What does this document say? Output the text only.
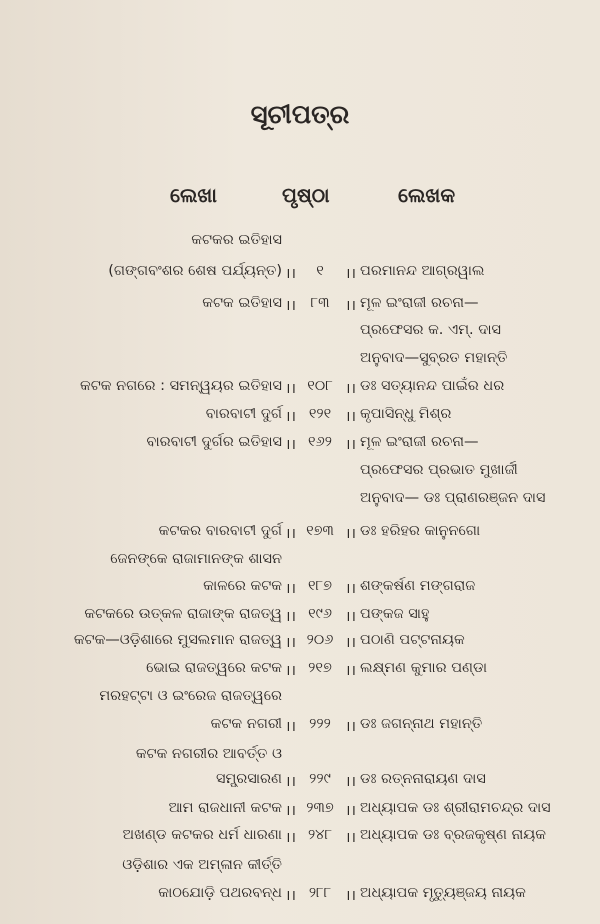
ସୂଚୀପତ୍ର
ଲେଖା	ପୃଷ୍ଠା	ଲେଖକ
କଟକର ଇତିହାସ
(ଗଙ୍ଗବଂଶର ଶେଷ ପର୍ଯ୍ୟନ୍ତ) ।।	୧	।। ପରମାନନ୍ଦ ଆଗ୍ରୱାଲ
କଟକ ଇତିହାସ ।।	୮୩	।। ମୂଳ ଇଂରାଜୀ ରଚନା—
ପ୍ରଫେସର କ. ଏମ୍. ଦାସ
ଅନୁବାଦ—ସୁବ୍ରତ ମହାନ୍ତି
କଟକ ନଗରେ : ସମନ୍ୱୟର ଇତିହାସ ।। ୧୦୮ ।। ଡଃ ସତ୍ୟାନନ୍ଦ ପାଇଁର ଧର
ବାରବାଟୀ ଦୁର୍ଗ ।। ୧୨୧ ।। କୃପାସିନ୍ଧୁ ମିଶ୍ର
ବାରବାଟୀ ଦୁର୍ଗର ଇତିହାସ ।। ୧୬୨ ।। ମୂଳ ଇଂରାଜୀ ରଚନା—
ପ୍ରଫେସର ପ୍ରଭାତ ମୁଖାର୍ଜୀ
ଅନୁବାଦ— ଡଃ ପ୍ରାଣରଞ୍ଜନ ଦାସ
କଟକର ବାରବାଟୀ ଦୁର୍ଗ ।। ୧୭୩ ।। ଡଃ ହରିହର କାନୁନଗୋ
ଜେନଙ୍କେ ରାଜାମାନଙ୍କ ଶାସନ
କାଳରେ କଟକ ।। ୧୮୭ ।। ଶଙ୍କର୍ଷଣ ମଙ୍ଗରାଜ
କଟକରେ ଉତ୍କଳ ରାଜାଙ୍କ ରାଜତ୍ୱ ।। ୧୯୬ ।। ପଙ୍କଜ ସାହୁ
କଟକ—ଓଡ଼ିଶାରେ ମୁସଲମାନ ରାଜତ୍ୱ ।। ୨୦୬ ।। ପଠାଣି ପଟ୍ଟନାୟକ
ଭୋଇ ରାଜତ୍ୱରେ କଟକ ।। ୨୧୭ ।। ଲକ୍ଷ୍ମଣ କୁମାର ପଣ୍ଡା
ମରହଟ୍ଟା ଓ ଇଂରେଜ ରାଜତ୍ୱରେ
କଟକ ନଗରୀ ।। ୨୨୨ ।। ଡଃ ଜଗନ୍ନାଥ ମହାନ୍ତି
କଟକ ନଗରୀର ଆବର୍ତ୍ତ ଓ
ସମ୍ପ୍ରସାରଣ ।। ୨୨୯ ।। ଡଃ ରତ୍ନନାରାୟଣ ଦାସ
ଆମ ରାଜଧାନୀ କଟକ ।। ୨୩୭ ।। ଅଧ୍ୟାପକ ଡଃ ଶ୍ରୀରାମଚନ୍ଦ୍ର ଦାସ
ଅଖଣ୍ଡ କଟକର ଧର୍ମ ଧାରଣା ।। ୨୪୮ ।। ଅଧ୍ୟାପକ ଡଃ ବ୍ରଜକୃଷ୍ଣ ନାୟକ
ଓଡ଼ିଶାର ଏକ ଅମ୍ଳାନ କୀର୍ତ୍ତି
କାଠଯୋଡ଼ି ପଥରବନ୍ଧ ।। ୨୮୮ ।। ଅଧ୍ୟାପକ ମୃତ୍ୟୁଞ୍ଜୟ ନାୟକ
